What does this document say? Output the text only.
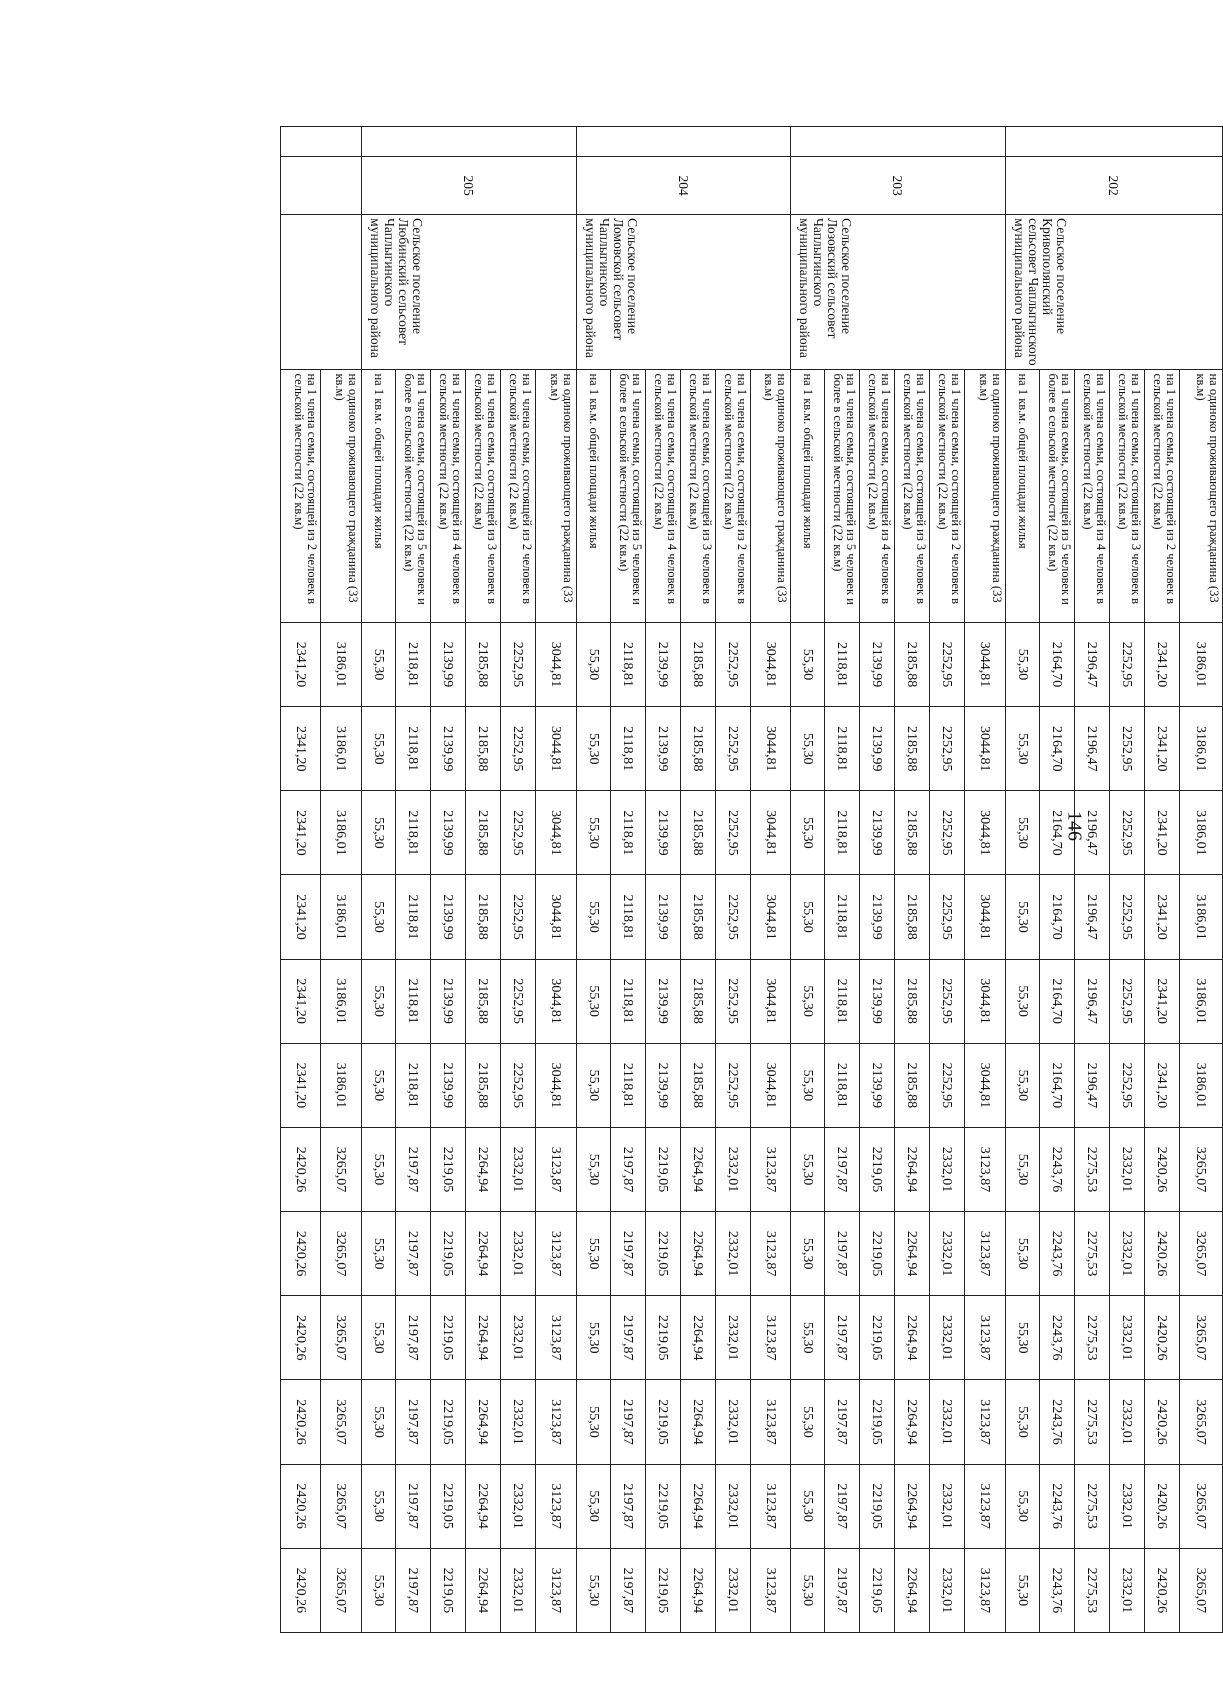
	202	Сельское поселение Кривополянский сельсовет Чаплыгинского муниципального района	на одиноко проживающего гражданина (33 кв.м)	3186,01	3186,01	3186,01	3186,01	3186,01	3186,01	3265,07	3265,07	3265,07	3265,07	3265,07	3265,07
			на 1 члена семьи, состоящей из 2 человек в сельской местности (22 кв.м)	2341,20	2341,20	2341,20	2341,20	2341,20	2341,20	2420,26	2420,26	2420,26	2420,26	2420,26	2420,26
			на 1 члена семьи, состоящей из 3 человек в сельской местности (22 кв.м)	2252,95	2252,95	2252,95	2252,95	2252,95	2252,95	2332,01	2332,01	2332,01	2332,01	2332,01	2332,01
			на 1 члена семьи, состоящей из 4 человек в сельской местности (22 кв.м)	2196,47	2196,47	2196,47	2196,47	2196,47	2196,47	2275,53	2275,53	2275,53	2275,53	2275,53	2275,53
			на 1 члена семьи, состоящей из 5 человек и более в сельской местности (22 кв.м)	2164,70	2164,70	2164,70	2164,70	2164,70	2164,70	2243,76	2243,76	2243,76	2243,76	2243,76	2243,76
			на 1 кв.м. общей площади жилья	55,30	55,30	55,30	55,30	55,30	55,30	55,30	55,30	55,30	55,30	55,30	55,30
	203	Сельское поселение Лозовский сельсовет Чаплыгинского муниципального района	на одиноко проживающего гражданина (33 кв.м)	3044,81	3044,81	3044,81	3044,81	3044,81	3044,81	3123,87	3123,87	3123,87	3123,87	3123,87	3123,87
			на 1 члена семьи, состоящей из 2 человек в сельской местности (22 кв.м)	2252,95	2252,95	2252,95	2252,95	2252,95	2252,95	2332,01	2332,01	2332,01	2332,01	2332,01	2332,01
			на 1 члена семьи, состоящей из 3 человек в сельской местности (22 кв.м)	2185,88	2185,88	2185,88	2185,88	2185,88	2185,88	2264,94	2264,94	2264,94	2264,94	2264,94	2264,94
			на 1 члена семьи, состоящей из 4 человек в сельской местности (22 кв.м)	2139,99	2139,99	2139,99	2139,99	2139,99	2139,99	2219,05	2219,05	2219,05	2219,05	2219,05	2219,05
			на 1 члена семьи, состоящей из 5 человек и более в сельской местности (22 кв.м)	2118,81	2118,81	2118,81	2118,81	2118,81	2118,81	2197,87	2197,87	2197,87	2197,87	2197,87	2197,87
			на 1 кв.м. общей площади жилья	55,30	55,30	55,30	55,30	55,30	55,30	55,30	55,30	55,30	55,30	55,30	55,30
	204	Сельское поселение Ломовской сельсовет Чаплыгинского муниципального района	на одиноко проживающего гражданина (33 кв.м)	3044,81	3044,81	3044,81	3044,81	3044,81	3044,81	3123,87	3123,87	3123,87	3123,87	3123,87	3123,87
			на 1 члена семьи, состоящей из 2 человек в сельской местности (22 кв.м)	2252,95	2252,95	2252,95	2252,95	2252,95	2252,95	2332,01	2332,01	2332,01	2332,01	2332,01	2332,01
			на 1 члена семьи, состоящей из 3 человек в сельской местности (22 кв.м)	2185,88	2185,88	2185,88	2185,88	2185,88	2185,88	2264,94	2264,94	2264,94	2264,94	2264,94	2264,94
			на 1 члена семьи, состоящей из 4 человек в сельской местности (22 кв.м)	2139,99	2139,99	2139,99	2139,99	2139,99	2139,99	2219,05	2219,05	2219,05	2219,05	2219,05	2219,05
			на 1 члена семьи, состоящей из 5 человек и более в сельской местности (22 кв.м)	2118,81	2118,81	2118,81	2118,81	2118,81	2118,81	2197,87	2197,87	2197,87	2197,87	2197,87	2197,87
			на 1 кв.м. общей площади жилья	55,30	55,30	55,30	55,30	55,30	55,30	55,30	55,30	55,30	55,30	55,30	55,30
	205	Сельское поселение Любинский сельсовет Чаплыгинского муниципального района	на одиноко проживающего гражданина (33 кв.м)	3044,81	3044,81	3044,81	3044,81	3044,81	3044,81	3123,87	3123,87	3123,87	3123,87	3123,87	3123,87
			на 1 члена семьи, состоящей из 2 человек в сельской местности (22 кв.м)	2252,95	2252,95	2252,95	2252,95	2252,95	2252,95	2332,01	2332,01	2332,01	2332,01	2332,01	2332,01
			на 1 члена семьи, состоящей из 3 человек в сельской местности (22 кв.м)	2185,88	2185,88	2185,88	2185,88	2185,88	2185,88	2264,94	2264,94	2264,94	2264,94	2264,94	2264,94
			на 1 члена семьи, состоящей из 4 человек в сельской местности (22 кв.м)	2139,99	2139,99	2139,99	2139,99	2139,99	2139,99	2219,05	2219,05	2219,05	2219,05	2219,05	2219,05
			на 1 члена семьи, состоящей из 5 человек и более в сельской местности (22 кв.м)	2118,81	2118,81	2118,81	2118,81	2118,81	2118,81	2197,87	2197,87	2197,87	2197,87	2197,87	2197,87
			на 1 кв.м. общей площади жилья	55,30	55,30	55,30	55,30	55,30	55,30	55,30	55,30	55,30	55,30	55,30	55,30
			на одиноко проживающего гражданина (33 кв.м)	3186,01	3186,01	3186,01	3186,01	3186,01	3186,01	3265,07	3265,07	3265,07	3265,07	3265,07	3265,07
			на 1 члена семьи, состоящей из 2 человек в сельской местности (22 кв.м)	2341,20	2341,20	2341,20	2341,20	2341,20	2341,20	2420,26	2420,26	2420,26	2420,26	2420,26	2420,26
146
